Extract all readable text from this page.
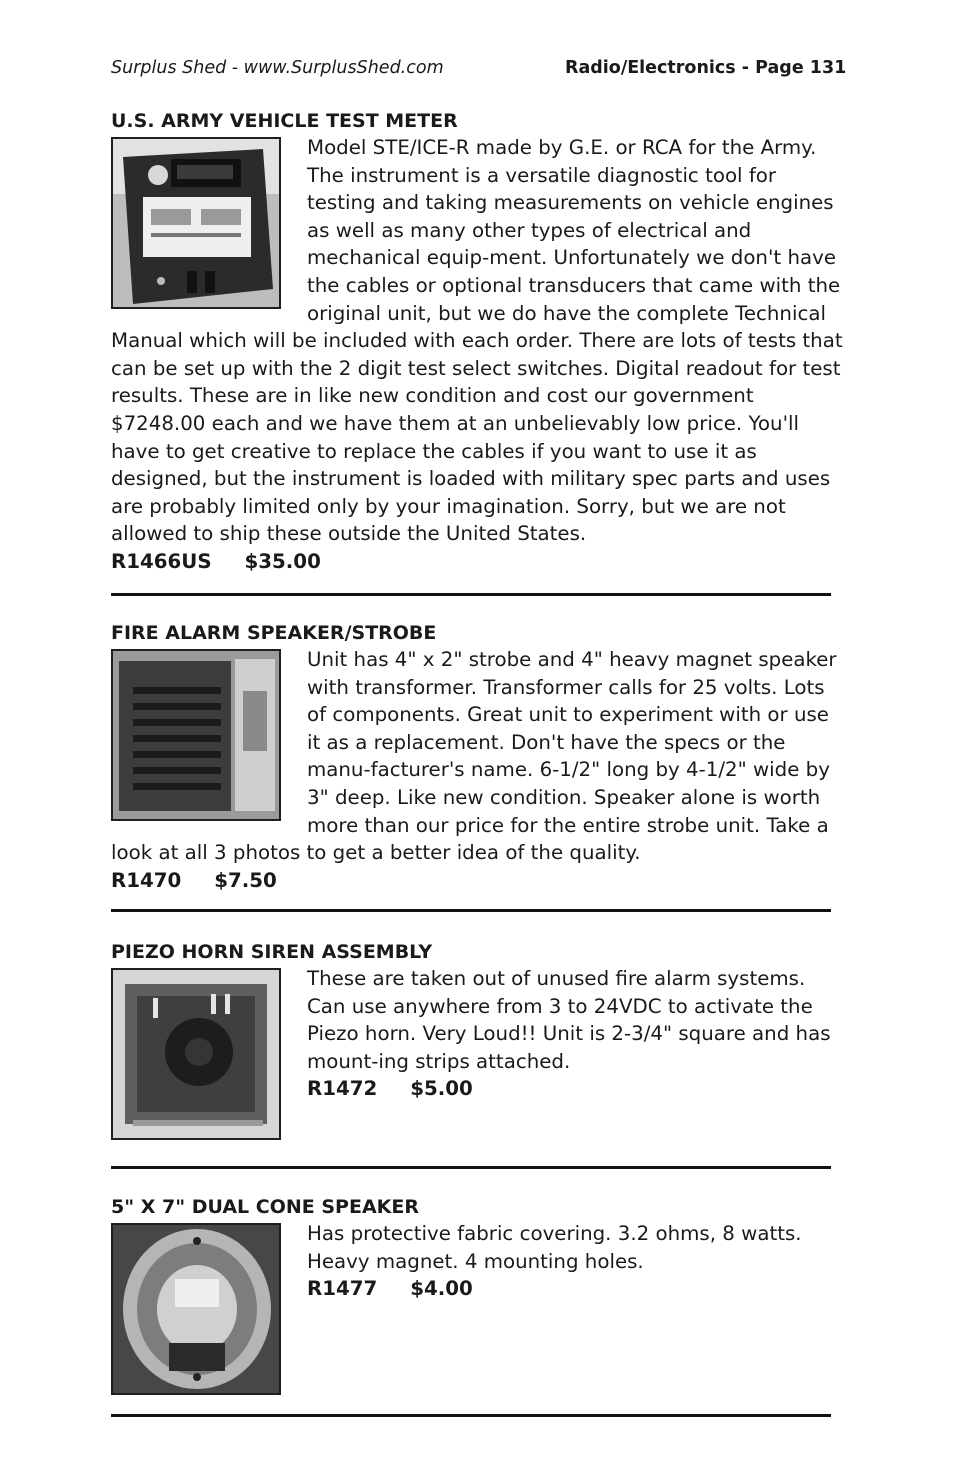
Surplus Shed - www.SurplusShed.com	Radio/Electronics - Page 131
U.S. ARMY VEHICLE TEST METER

Model STE/ICE-R made by G.E. or RCA for the Army. The instrument is a versatile diagnostic tool for testing and taking measurements on vehicle engines as well as many other types of electrical and mechanical equip-ment. Unfortunately we don't have the cables or optional transducers that came with the original unit, but we do have the complete Technical Manual which will be included with each order. There are lots of tests that can be set up with the 2 digit test select switches. Digital readout for test results. These are in like new condition and cost our government $7248.00 each and we have them at an unbelievably low price. You'll have to get creative to replace the cables if you want to use it as designed, but the instrument is loaded with military spec parts and uses are probably limited only by your imagination. Sorry, but we are not allowed to ship these outside the United States.

R1466US $35.00
FIRE ALARM SPEAKER/STROBE

Unit has 4" x 2" strobe and 4" heavy magnet speaker with transformer. Transformer calls for 25 volts. Lots of components. Great unit to experiment with or use it as a replacement. Don't have the specs or the manu-facturer's name. 6-1/2" long by 4-1/2" wide by 3" deep. Like new condition. Speaker alone is worth more than our price for the entire strobe unit. Take a look at all 3 photos to get a better idea of the quality.

R1470 $7.50
PIEZO HORN SIREN ASSEMBLY

These are taken out of unused fire alarm systems. Can use anywhere from 3 to 24VDC to activate the Piezo horn. Very Loud!! Unit is 2-3/4" square and has mount-ing strips attached.

R1472 $5.00
5" X 7" DUAL CONE SPEAKER

Has protective fabric covering. 3.2 ohms, 8 watts. Heavy magnet. 4 mounting holes.

R1477 $4.00
